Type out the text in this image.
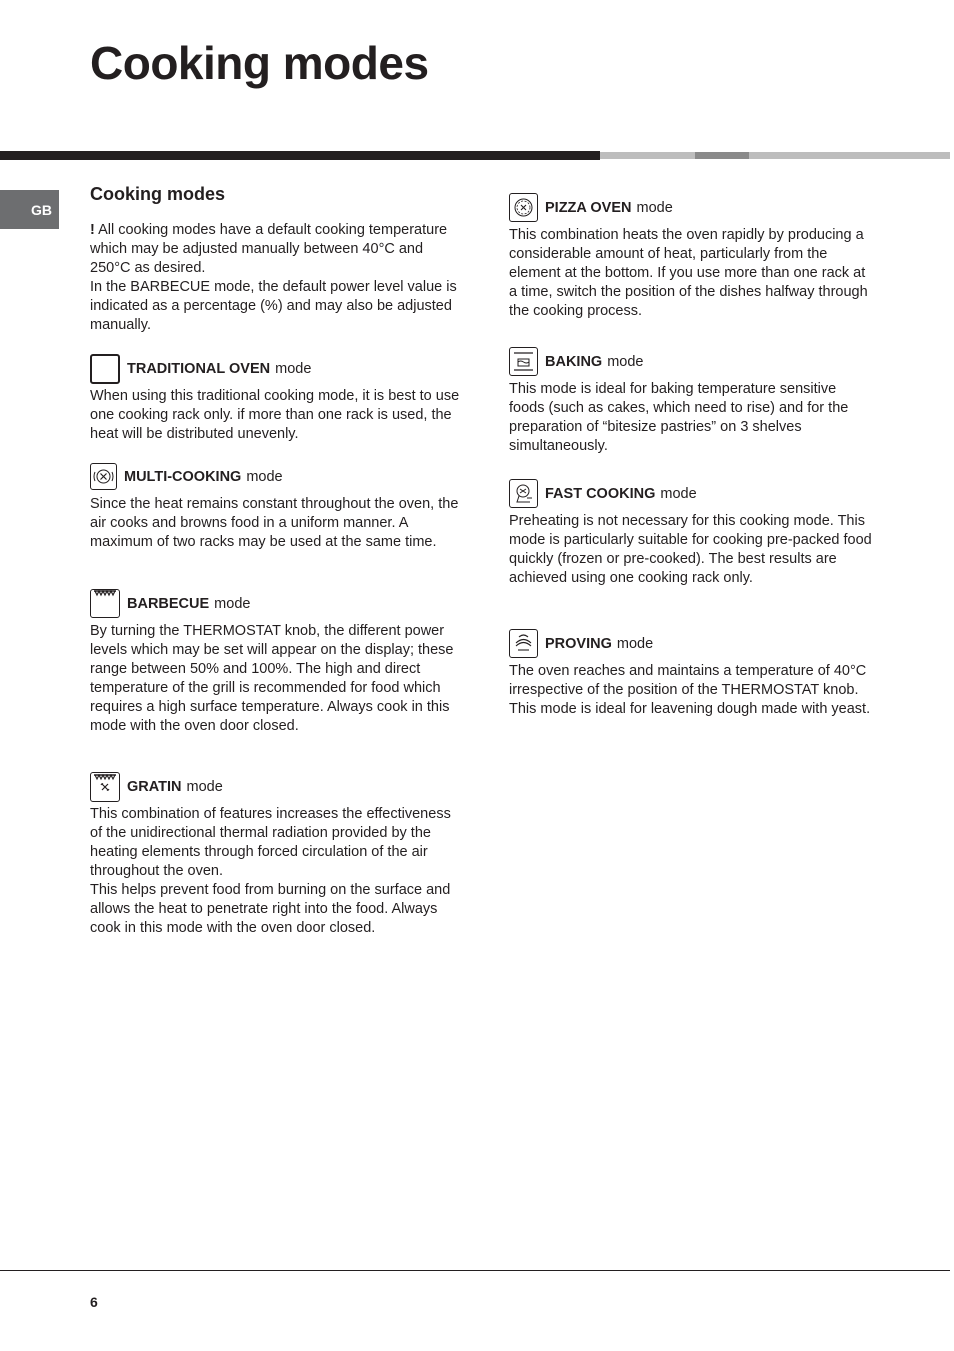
Cooking modes
GB
Cooking modes

! All cooking modes have a default cooking temperature which may be adjusted manually between 40°C and 250°C as desired.

In the BARBECUE mode, the default power level value is indicated as a percentage (%) and may also be adjusted manually.

TRADITIONAL OVEN mode

When using this traditional cooking mode, it is best to use one cooking rack only. if more than one rack is used, the heat will be distributed unevenly.

MULTI-COOKING mode

Since the heat remains constant throughout the oven, the air cooks and browns food in a uniform manner. A maximum of two racks may be used at the same time.

BARBECUE mode

By turning the THERMOSTAT knob, the different power levels which may be set will appear on the display; these range between 50% and 100%. The high and direct temperature of the grill is recommended for food which requires a high surface temperature. Always cook in this mode with the oven door closed.

GRATIN mode

This combination of features increases the effectiveness of the unidirectional thermal radiation provided by the heating elements through forced circulation of the air throughout the oven.

This helps prevent food from burning on the surface and allows the heat to penetrate right into the food. Always cook in this mode with the oven door closed.

PIZZA OVEN mode

This combination heats the oven rapidly by producing a considerable amount of heat, particularly from the element at the bottom. If you use more than one rack at a time, switch the position of the dishes halfway through the cooking process.

BAKING mode

This mode is ideal for baking temperature sensitive foods (such as cakes, which need to rise) and for the preparation of “bitesize pastries” on 3 shelves simultaneously.

FAST COOKING mode

Preheating is not necessary for this cooking mode. This mode is particularly suitable for cooking pre-packed food quickly (frozen or pre-cooked). The best results are achieved using one cooking rack only.

PROVING mode

The oven reaches and maintains a temperature of 40°C irrespective of the position of the THERMOSTAT knob. This mode is ideal for leavening dough made with yeast.

6
